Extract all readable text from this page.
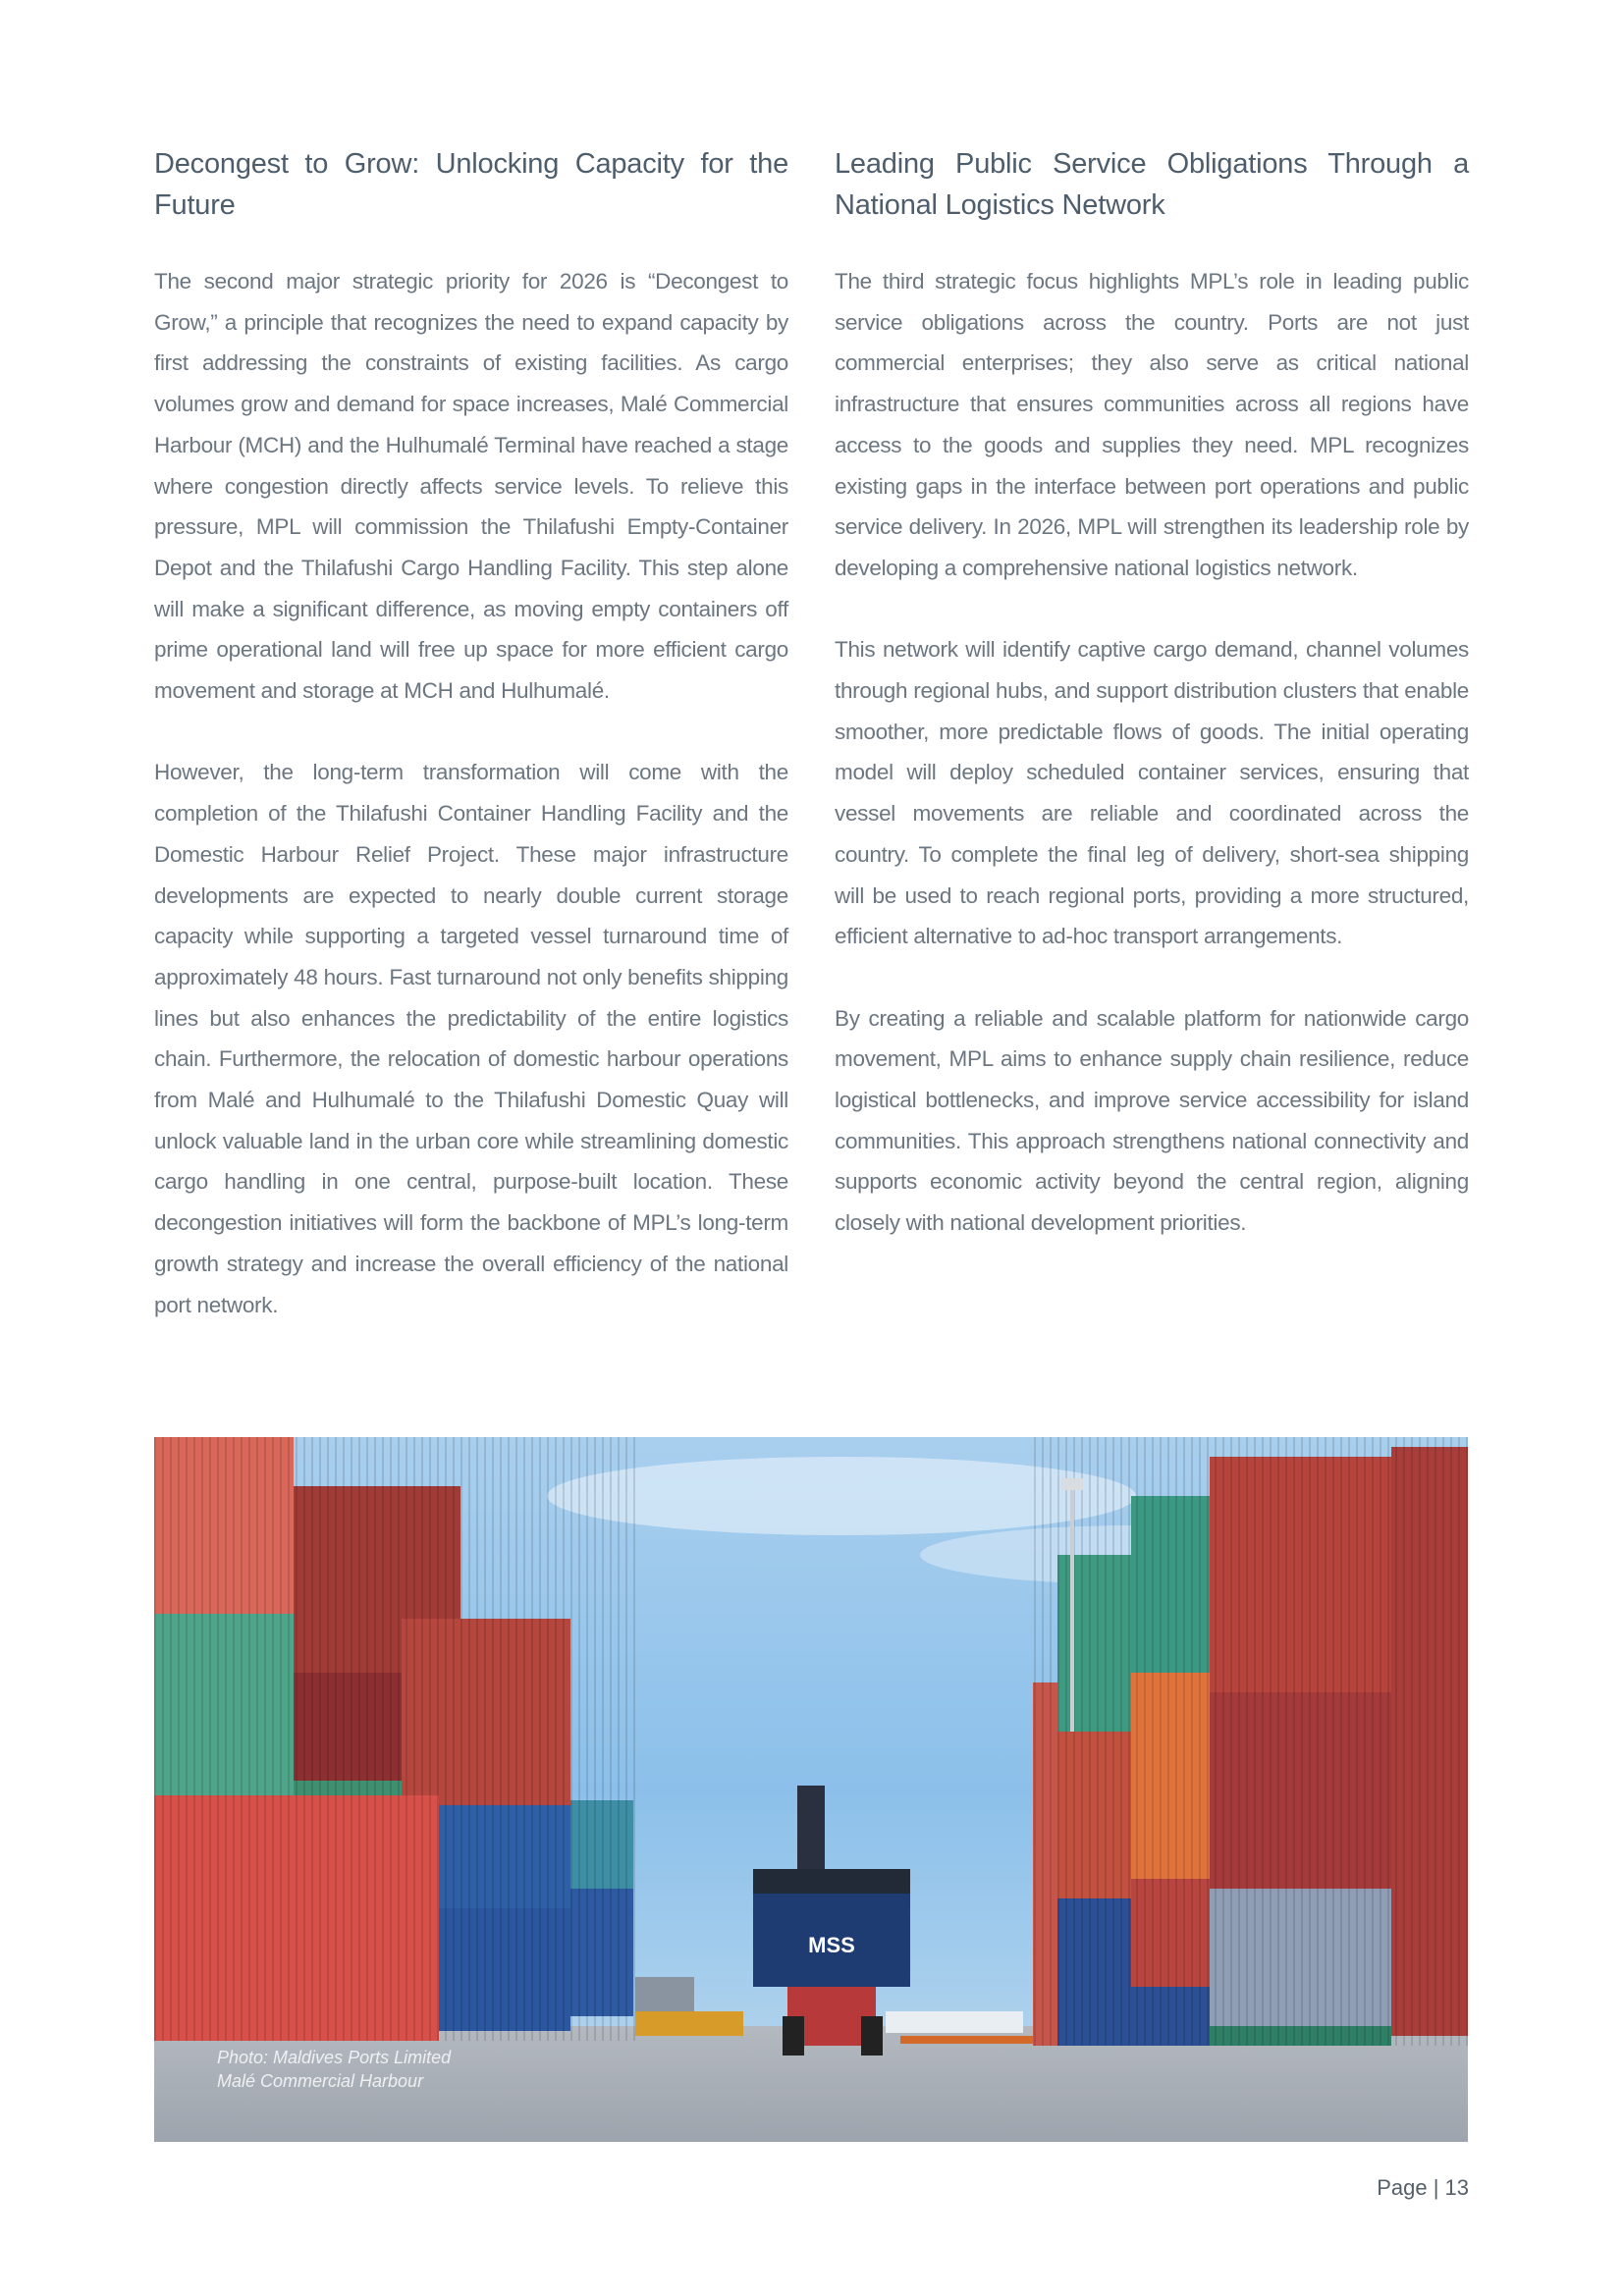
Decongest to Grow: Unlocking Capacity for the Future

The second major strategic priority for 2026 is “Decongest to Grow,” a principle that recognizes the need to expand capacity by first addressing the constraints of existing facilities. As cargo volumes grow and demand for space increases, Malé Commercial Harbour (MCH) and the Hulhumalé Terminal have reached a stage where congestion directly affects service levels. To relieve this pressure, MPL will commission the Thilafushi Empty-Container Depot and the Thilafushi Cargo Handling Facility. This step alone will make a significant difference, as moving empty containers off prime operational land will free up space for more efficient cargo movement and storage at MCH and Hulhumalé.

However, the long-term transformation will come with the completion of the Thilafushi Container Handling Facility and the Domestic Harbour Relief Project. These major infrastructure developments are expected to nearly double current storage capacity while supporting a targeted vessel turnaround time of approximately 48 hours. Fast turnaround not only benefits shipping lines but also enhances the predictability of the entire logistics chain. Furthermore, the relocation of domestic harbour operations from Malé and Hulhumalé to the Thilafushi Domestic Quay will unlock valuable land in the urban core while streamlining domestic cargo handling in one central, purpose-built location. These decongestion initiatives will form the backbone of MPL’s long-term growth strategy and increase the overall efficiency of the national port network.

Leading Public Service Obligations Through a National Logistics Network

The third strategic focus highlights MPL’s role in leading public service obligations across the country. Ports are not just commercial enterprises; they also serve as critical national infrastructure that ensures communities across all regions have access to the goods and supplies they need. MPL recognizes existing gaps in the interface between port operations and public service delivery. In 2026, MPL will strengthen its leadership role by developing a comprehensive national logistics network.

This network will identify captive cargo demand, channel volumes through regional hubs, and support distribution clusters that enable smoother, more predictable flows of goods. The initial operating model will deploy scheduled container services, ensuring that vessel movements are reliable and coordinated across the country. To complete the final leg of delivery, short-sea shipping will be used to reach regional ports, providing a more structured, efficient alternative to ad-hoc transport arrangements.

By creating a reliable and scalable platform for nationwide cargo movement, MPL aims to enhance supply chain resilience, reduce logistical bottlenecks, and improve service accessibility for island communities. This approach strengthens national connectivity and supports economic activity beyond the central region, aligning closely with national development priorities.

MSS
Photo: Maldives Ports Limited
Malé Commercial Harbour
Page | 13
